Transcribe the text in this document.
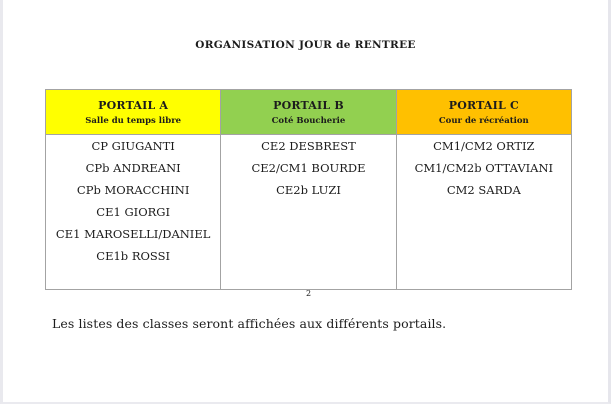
ORGANISATION JOUR de RENTREE
PORTAIL A
Salle du temps libre

PORTAIL B
Coté Boucherie

PORTAIL C
Cour de récréation

CP GIUGANTI
CPb ANDREANI
CPb MORACCHINI
CE1 GIORGI
CE1 MAROSELLI/DANIEL
CE1b ROSSI

CE2 DESBREST
CE2/CM1 BOURDE
CE2b LUZI

CM1/CM2 ORTIZ
CM1/CM2b OTTAVIANI
CM2 SARDA
2
Les listes des classes seront affichées aux différents portails.
